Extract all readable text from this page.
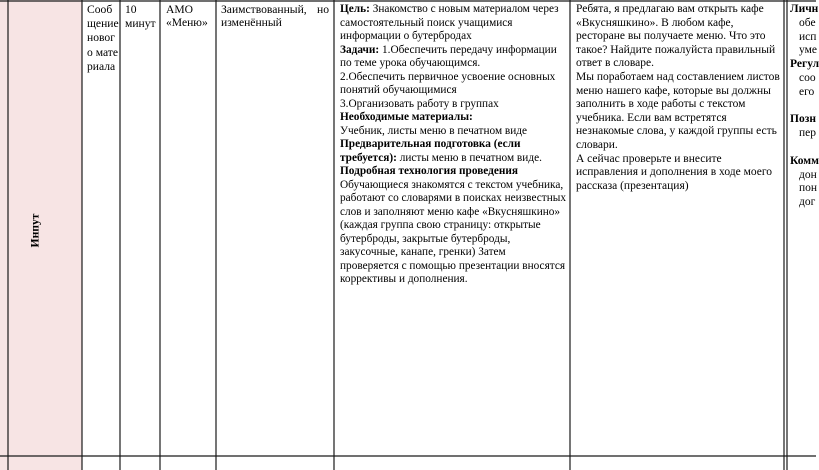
Инпут
Сообщение нового материала
10 минут
АМО «Меню»
Заимствованный, но изменённый

Цель: Знакомство с новым материалом через самостоятельный поиск учащимися информации о бутербродах

Задачи: 1.Обеспечить передачу информации по теме урока обучающимся.

2.Обеспечить первичное усвоение основных понятий обучающимися

3.Организовать работу в группах

Необходимые материалы:

Учебник, листы меню в печатном виде

Предварительная подготовка (если требуется): листы меню в печатном виде.

Подробная технология проведения

Обучающиеся знакомятся с текстом учебника, работают со словарями в поисках неизвестных слов и заполняют меню кафе «Вкусняшкино» (каждая группа свою страницу: открытые бутерброды, закрытые бутерброды, закусочные, канапе, гренки) Затем проверяется с помощью презентации вносятся коррективы и дополнения.

Ребята, я предлагаю вам открыть кафе «Вкусняшкино». В любом кафе, ресторане вы получаете меню. Что это такое? Найдите пожалуйста правильный ответ в словаре.

Мы поработаем над составлением листов меню нашего кафе, которые вы должны заполнить в ходе работы с текстом учебника. Если вам встретятся незнакомые слова, у каждой группы есть словари.

А сейчас проверьте и внесите исправления и дополнения в ходе моего рассказа (презентация)

Личн

обе

исп

уме

Регул

соо

его

Позн

пер

Комм

дон

пон

дог
